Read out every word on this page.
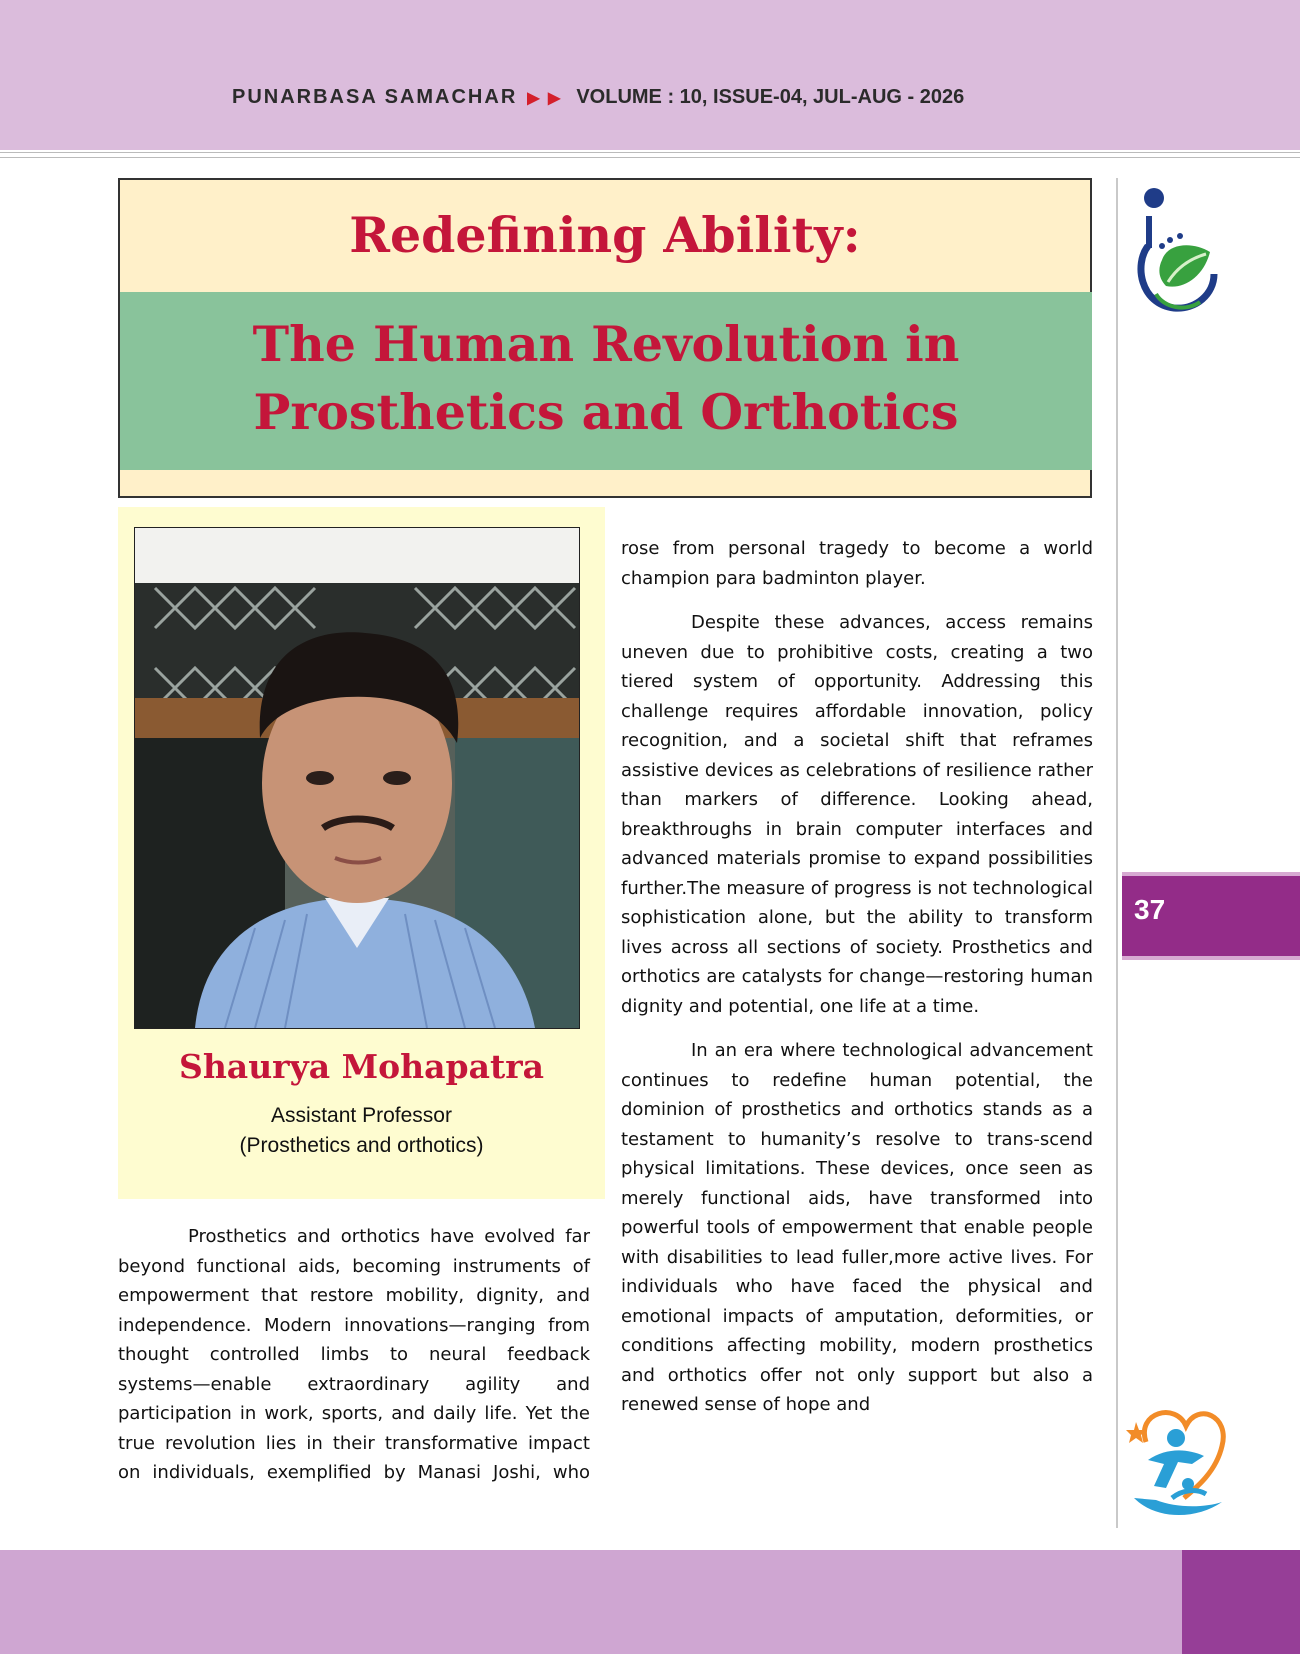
PUNARBASA SAMACHAR ▶ ▶ VOLUME : 10, ISSUE-04, JUL-AUG - 2026
Redefining Ability:
The Human Revolution in
Prosthetics and Orthotics
37
Shaurya Mohapatra
Assistant Professor
(Prosthetics and orthotics)

Prosthetics and orthotics have evolved far beyond functional aids, becoming instruments of empowerment that restore mobility, dignity, and independence. Modern innovations—ranging from thought controlled limbs to neural feedback systems—enable extraordinary agility and participation in work, sports, and daily life. Yet the true revolution lies in their transformative impact on individuals, exemplified by Manasi Joshi, who

rose from personal tragedy to become a world champion para badminton player.

Despite these advances, access remains uneven due to prohibitive costs, creating a two tiered system of opportunity. Addressing this challenge requires affordable innovation, policy recognition, and a societal shift that reframes assistive devices as celebrations of resilience rather than markers of difference. Looking ahead, breakthroughs in brain computer interfaces and advanced materials promise to expand possibilities further.The measure of progress is not technological sophistication alone, but the ability to transform lives across all sections of society. Prosthetics and orthotics are catalysts for change—restoring human dignity and potential, one life at a time.

In an era where technological advancement continues to redefine human potential, the dominion of prosthetics and orthotics stands as a testament to humanity’s resolve to trans-scend physical limitations. These devices, once seen as merely functional aids, have transformed into powerful tools of empowerment that enable people with disabilities to lead fuller,more active lives. For individuals who have faced the physical and emotional impacts of amputation, deformities, or conditions affecting mobility, modern prosthetics and orthotics offer not only support but also a renewed sense of hope and
